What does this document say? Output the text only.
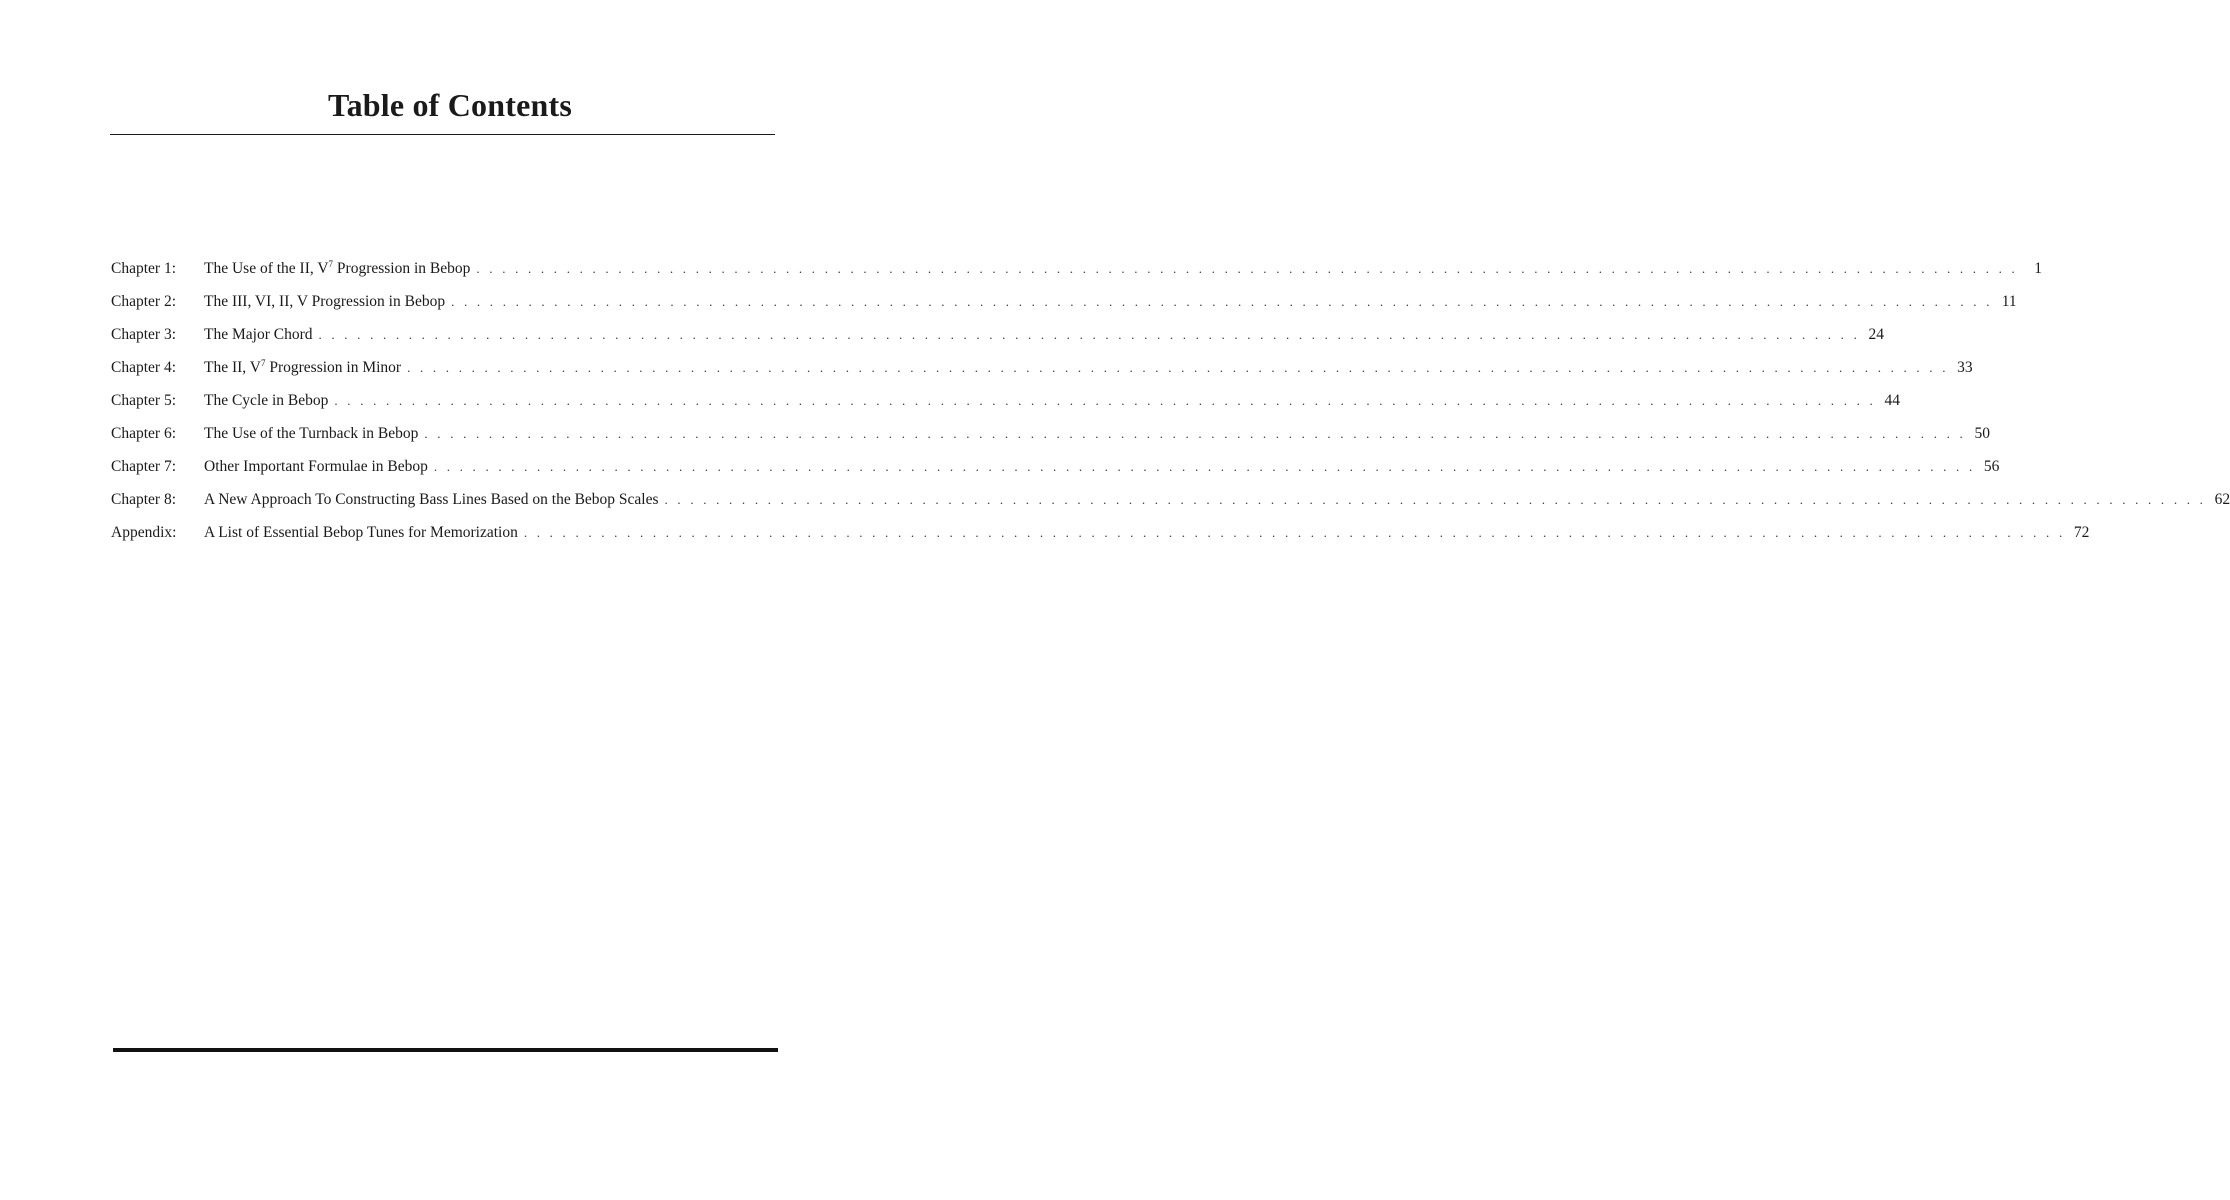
Table of Contents
Chapter 1:	The Use of the II, $V^7$ Progression in Bebop . . . . . . . . . . . . . . . . . . . . . . . . . . . . . . . . . . . . . . . . . . . . . . . . . . . . . . . . . . . . . . . . . . . . . . . . . . . . . . . . . . . . . . . . . . . . . . . . . . . . . . . . . . . . . . . . . . . . . . . .	1
Chapter 2:	The III, VI, II, V Progression in Bebop . . . . . . . . . . . . . . . . . . . . . . . . . . . . . . . . . . . . . . . . . . . . . . . . . . . . . . . . . . . . . . . . . . . . . . . . . . . . . . . . . . . . . . . . . . . . . . . . . . . . . . . . . . . . . . . . . . . . . . . . 11
Chapter 3:	The Major Chord . . . . . . . . . . . . . . . . . . . . . . . . . . . . . . . . . . . . . . . . . . . . . . . . . . . . . . . . . . . . . . . . . . . . . . . . . . . . . . . . . . . . . . . . . . . . . . . . . . . . . . . . . . . . . . . . . . . . . . . . 24
Chapter 4:	The II, $V^7$ Progression in Minor . . . . . . . . . . . . . . . . . . . . . . . . . . . . . . . . . . . . . . . . . . . . . . . . . . . . . . . . . . . . . . . . . . . . . . . . . . . . . . . . . . . . . . . . . . . . . . . . . . . . . . . . . . . . . . . . . . . . . . . . 33
Chapter 5:	The Cycle in Bebop . . . . . . . . . . . . . . . . . . . . . . . . . . . . . . . . . . . . . . . . . . . . . . . . . . . . . . . . . . . . . . . . . . . . . . . . . . . . . . . . . . . . . . . . . . . . . . . . . . . . . . . . . . . . . . . . . . . . . . . . 44
Chapter 6:	The Use of the Turnback in Bebop . . . . . . . . . . . . . . . . . . . . . . . . . . . . . . . . . . . . . . . . . . . . . . . . . . . . . . . . . . . . . . . . . . . . . . . . . . . . . . . . . . . . . . . . . . . . . . . . . . . . . . . . . . . . . . . . . . . . . . . . 50
Chapter 7:	Other Important Formulae in Bebop . . . . . . . . . . . . . . . . . . . . . . . . . . . . . . . . . . . . . . . . . . . . . . . . . . . . . . . . . . . . . . . . . . . . . . . . . . . . . . . . . . . . . . . . . . . . . . . . . . . . . . . . . . . . . . . . . . . . . . . . 56
Chapter 8:	A New Approach To Constructing Bass Lines Based on the Bebop Scales . . . . . . . . . . . . . . . . . . . . . . . . . . . . . . . . . . . . . . . . . . . . . . . . . . . . . . . . . . . . . . . . . . . . . . . . . . . . . . . . . . . . . . . . . . . . . . . . . . . . . . . . . . . . . . . . . . . . . . . . 62
Appendix:	A List of Essential Bebop Tunes for Memorization . . . . . . . . . . . . . . . . . . . . . . . . . . . . . . . . . . . . . . . . . . . . . . . . . . . . . . . . . . . . . . . . . . . . . . . . . . . . . . . . . . . . . . . . . . . . . . . . . . . . . . . . . . . . . . . . . . . . . . . . 72
